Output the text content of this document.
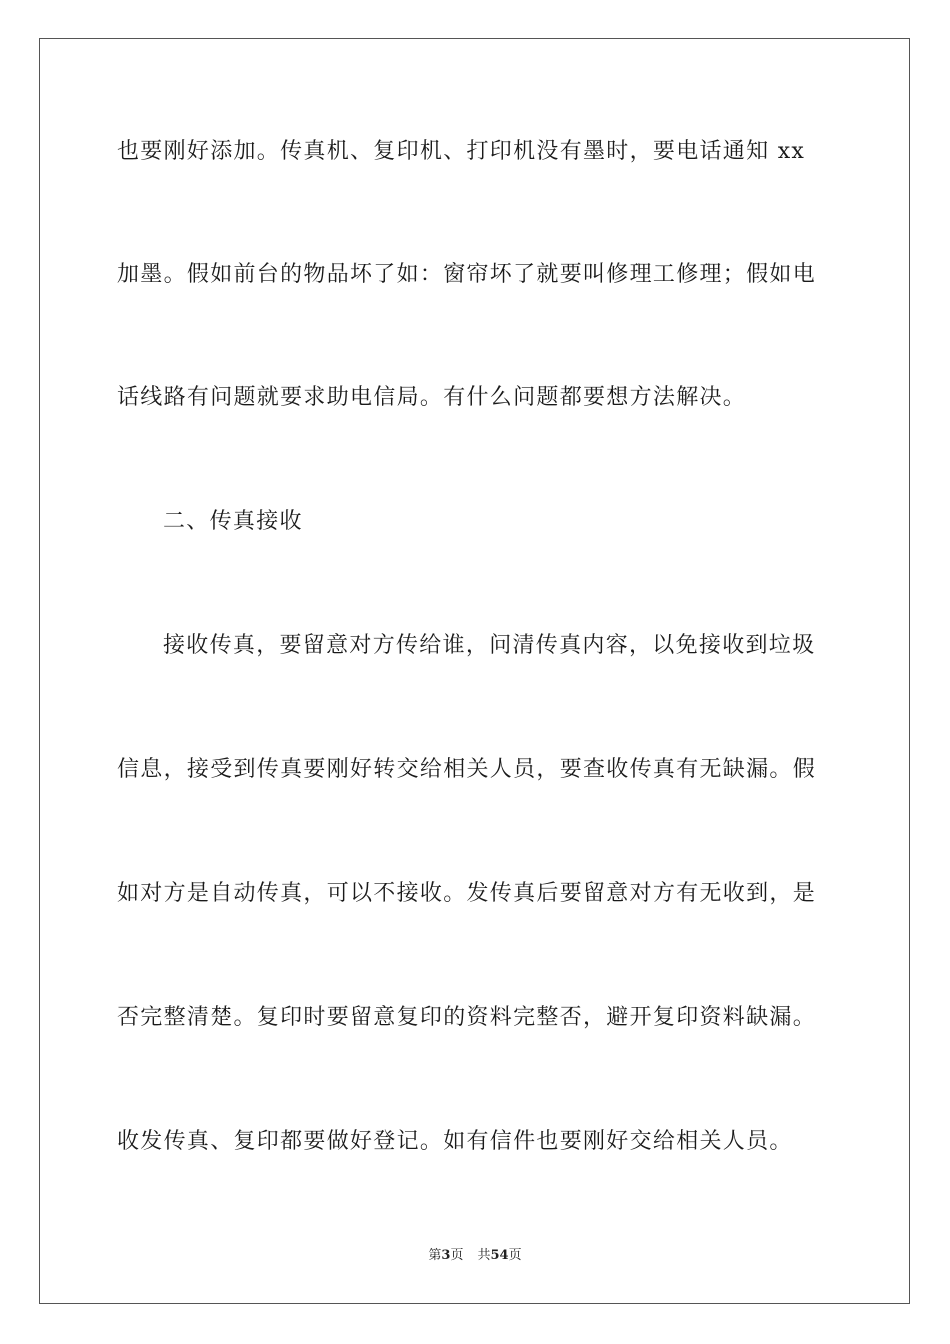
也要刚好添加。传真机、复印机、打印机没有墨时，要电话通知 xx
加墨。假如前台的物品坏了如：窗帘坏了就要叫修理工修理；假如电
话线路有问题就要求助电信局。有什么问题都要想方法解决。
二、传真接收
接收传真，要留意对方传给谁，问清传真内容，以免接收到垃圾
信息，接受到传真要刚好转交给相关人员，要查收传真有无缺漏。假
如对方是自动传真，可以不接收。发传真后要留意对方有无收到，是
否完整清楚。复印时要留意复印的资料完整否，避开复印资料缺漏。
收发传真、复印都要做好登记。如有信件也要刚好交给相关人员。
第3页 共54页
